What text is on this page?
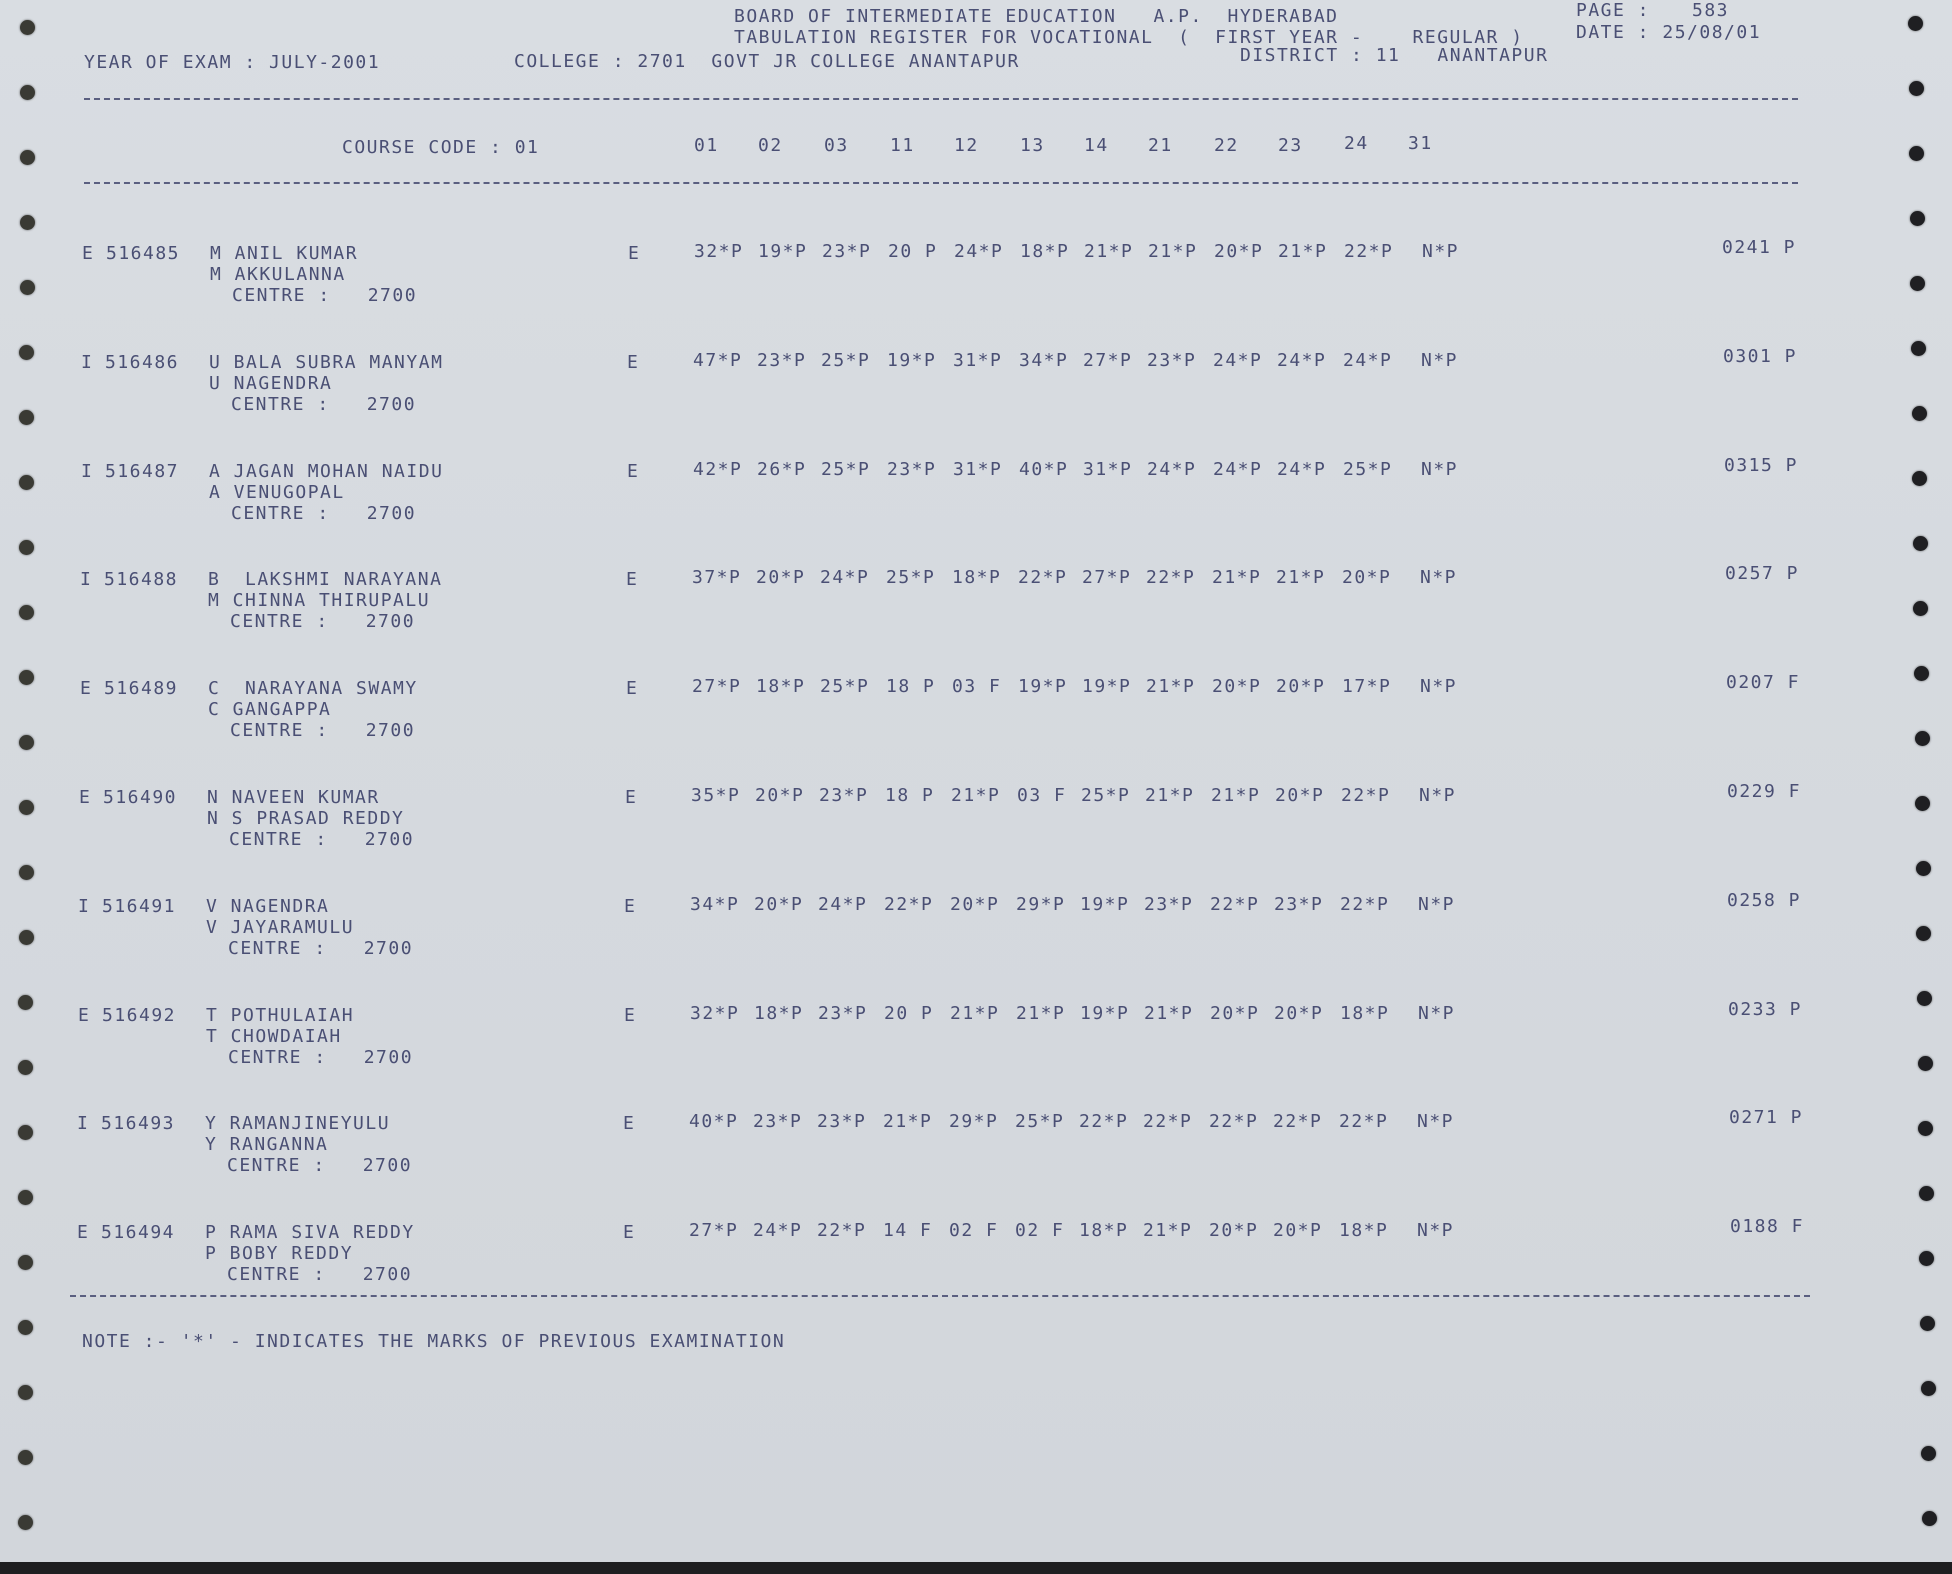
BOARD OF INTERMEDIATE EDUCATION   A.P.  HYDERABAD
TABULATION REGISTER FOR VOCATIONAL  (  FIRST YEAR -    REGULAR )
PAGE : 583
DATE : 25/08/01
YEAR OF EXAM : JULY-2001	COLLEGE : 2701  GOVT JR COLLEGE ANANTAPUR	DISTRICT : 11   ANANTAPUR
COURSE CODE : 01	01 02 03 11 12 13 14 21 22 23 24 31
E 516485 M ANIL KUMAR
M AKKULANNA
CENTRE :   2700
E	32*P 19*P 23*P 20 P 24*P 18*P 21*P 21*P 20*P 21*P 22*P N*P	0241 P
I 516486 U BALA SUBRA MANYAM
U NAGENDRA
CENTRE :   2700
E	47*P 23*P 25*P 19*P 31*P 34*P 27*P 23*P 24*P 24*P 24*P N*P	0301 P
I 516487 A JAGAN MOHAN NAIDU
A VENUGOPAL
CENTRE :   2700
E	42*P 26*P 25*P 23*P 31*P 40*P 31*P 24*P 24*P 24*P 25*P N*P	0315 P
I 516488 B  LAKSHMI NARAYANA
M CHINNA THIRUPALU
CENTRE :   2700
E	37*P 20*P 24*P 25*P 18*P 22*P 27*P 22*P 21*P 21*P 20*P N*P	0257 P
E 516489 C  NARAYANA SWAMY
C GANGAPPA
CENTRE :   2700
E	27*P 18*P 25*P 18 P 03 F 19*P 19*P 21*P 20*P 20*P 17*P N*P	0207 F
E 516490 N NAVEEN KUMAR
N S PRASAD REDDY
CENTRE :   2700
E	35*P 20*P 23*P 18 P 21*P 03 F 25*P 21*P 21*P 20*P 22*P N*P	0229 F
I 516491 V NAGENDRA
V JAYARAMULU
CENTRE :   2700
E	34*P 20*P 24*P 22*P 20*P 29*P 19*P 23*P 22*P 23*P 22*P N*P	0258 P
E 516492 T POTHULAIAH
T CHOWDAIAH
CENTRE :   2700
E	32*P 18*P 23*P 20 P 21*P 21*P 19*P 21*P 20*P 20*P 18*P N*P	0233 P
I 516493 Y RAMANJINEYULU
Y RANGANNA
CENTRE :   2700
E	40*P 23*P 23*P 21*P 29*P 25*P 22*P 22*P 22*P 22*P 22*P N*P	0271 P
E 516494 P RAMA SIVA REDDY
P BOBY REDDY
CENTRE :   2700
E	27*P 24*P 22*P 14 F 02 F 02 F 18*P 21*P 20*P 20*P 18*P N*P	0188 F
NOTE :- '*' - INDICATES THE MARKS OF PREVIOUS EXAMINATION
